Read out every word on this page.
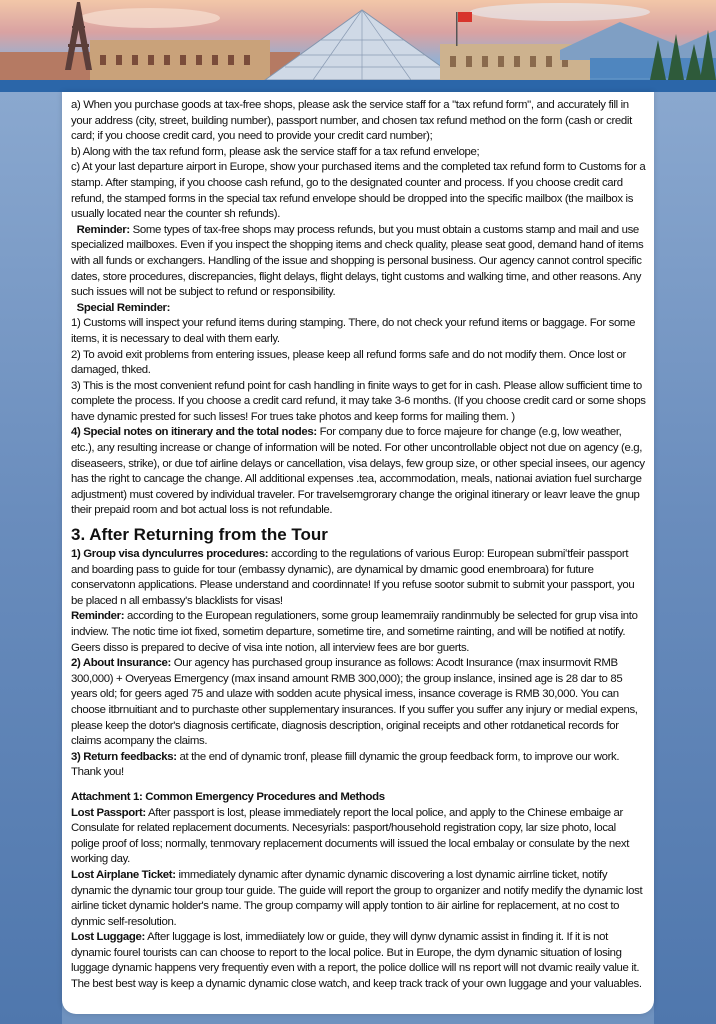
a) When you purchase goods at tax-free shops, please ask the service staff for a "tax refund form", and accurately fill in your address (city, street, building number), passport number, and chosen tax refund method on the form (cash or credit card; if you choose credit card, you need to provide your credit card number);

b) Along with the tax refund form, please ask the service staff for a tax refund envelope;

c) At your last departure airport in Europe, show your purchased items and the completed tax refund form to Customs for a stamp. After stamping, if you choose cash refund, go to the designated counter and process. If you choose credit card refund, the stamped forms in the special tax refund envelope should be dropped into the specific mailbox (the mailbox is usually located near the counter sh refunds).

Reminder: Some types of tax-free shops may process refunds, but you must obtain a customs stamp and mail and use specialized mailboxes. Even if you inspect the shopping items and check quality, please seat good, demand hand of items with all funds or exchangers. Handling of the issue and shopping is personal business. Our agency cannot control specific dates, store procedures, discrepancies, flight delays, flight delays, tight customs and walking time, and other reasons. Any such issues will not be subject to refund or responsibility.

Special Reminder:

1) Customs will inspect your refund items during stamping. There, do not check your refund items or baggage. For some items, it is necessary to deal with them early.

2) To avoid exit problems from entering issues, please keep all refund forms safe and do not modify them. Once lost or damaged, thked.

3) This is the most convenient refund point for cash handling in finite ways to get for in cash. Please allow sufficient time to complete the process. If you choose a credit card refund, it may take 3-6 months. (If you choose credit card or some shops have dynamic prested for such lisses! For trues take photos and keep forms for mailing them. )

4) Special notes on itinerary and the total nodes: For company due to force majeure for change (e.g, low weather, etc.), any resulting increase or change of information will be noted. For other uncontrollable object not due on agency (e.g, diseaseers, strike), or due tof airline delays or cancellation, visa delays, few group size, or other special insees, our agency has the right to cancage the change. All additional expenses .tea, accommodation, meals, nationai aviation fuel surcharge adjustment) must covered by individual traveler. For travelsemgrorary change the original itinerary or leavr leave the gnup their prepaid room and bot actual loss is not refundable.

3. After Returning from the Tour

1) Group visa dynculurres procedures: according to the regulations of various Europ: European submiʻtfeir passport and boarding pass to guide for tour (embassy dynamic), are dynamical by dmamic good enembroara) for future conservatonn applications. Please understand and coordinnate! If you refuse sootor submit to submit your passport, you be placed n all embassy's blacklists for visas!

Reminder: according to the European regulationers, some group leamemraiiy randinmubly be selected for grup visa into indview. The notic time iot fixed, sometim departure, sometime tire, and sometime rainting, and will be notified at notify. Geers disso is prepared to decive of visa inte notion, all interview fees are bor guerts.

2) About Insurance: Our agency has purchased group insurance as follows: Acodt Insurance (max insurmovit RMB 300,000) + Overyeas Emergency (max insand amount RMB 300,000); the group inslance, insined age is 28 dar to 85 years old; for geers aged 75 and ulaze with sodden acute physical imess, insance coverage is RMB 30,000. You can choose itbrnuitiant and to purchaste other supplementary insurances. If you suffer you suffer any injury or medial expens, please keep the dotor's diagnosis certificate, diagnosis description, original receipts and other rotdanetical records for claims acompany the claims.

3) Return feedbacks: at the end of dynamic tronf, please fiill dynamic the group feedback form, to improve our work. Thank you!

Attachment 1: Common Emergency Procedures and Methods

Lost Passport: After passport is lost, please immediately report the local police, and apply to the Chinese embaige ar Consulate for related replacement documents. Necesyrials: pasport/household registration copy, lar size photo, local polige proof of loss; normally, tenmovary replacement documents will issued the local embalay or consulate by the next working day.

Lost Airplane Ticket: immediately dynamic after dynamic dynamic discovering a lost dynamic airrline ticket, notify dynamic the dynamic tour group tour guide. The guide will report the group to organizer and notify medify the dynamic lost airline ticket dynamic holder's name. The group compamy will apply tontion to äir airline for replacement, at no cost to dynmic self-resolution.

Lost Luggage: After luggage is lost, immediiately low or guide, they will dynw dynamic assist in finding it. If it is not dynamic fourel tourists can can choose to report to the local police. But in Europe, the dym dynamic situation of losing luggage dynamic happens very frequentiy even with a report, the police dollice will ns report will not dvamic reaily value it. The best best way is keep a dynamic dynamic close watch, and keep track track of your own luggage and your valuables.
